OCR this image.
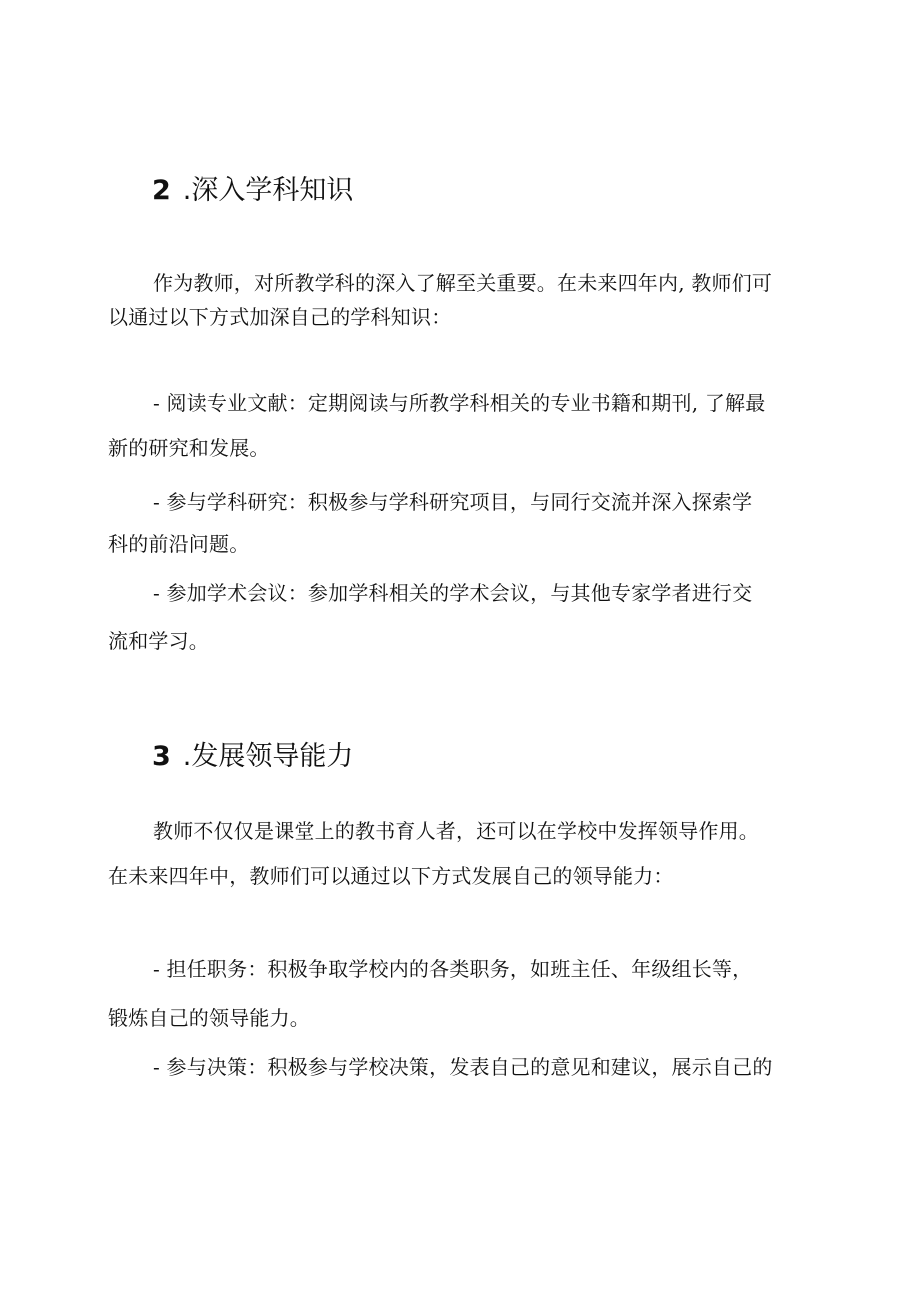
2 .深入学科知识
作为教师，对所教学科的深入了解至关重要。在未来四年内, 教师们可
以通过以下方式加深自己的学科知识：
- 阅读专业文献：定期阅读与所教学科相关的专业书籍和期刊, 了解最
新的研究和发展。
- 参与学科研究：积极参与学科研究项目，与同行交流并深入探索学
科的前沿问题。
- 参加学术会议：参加学科相关的学术会议，与其他专家学者进行交
流和学习。
3 .发展领导能力
教师不仅仅是课堂上的教书育人者，还可以在学校中发挥领导作用。
在未来四年中，教师们可以通过以下方式发展自己的领导能力：
- 担任职务：积极争取学校内的各类职务，如班主任、年级组长等，
锻炼自己的领导能力。
- 参与决策：积极参与学校决策，发表自己的意见和建议，展示自己的
